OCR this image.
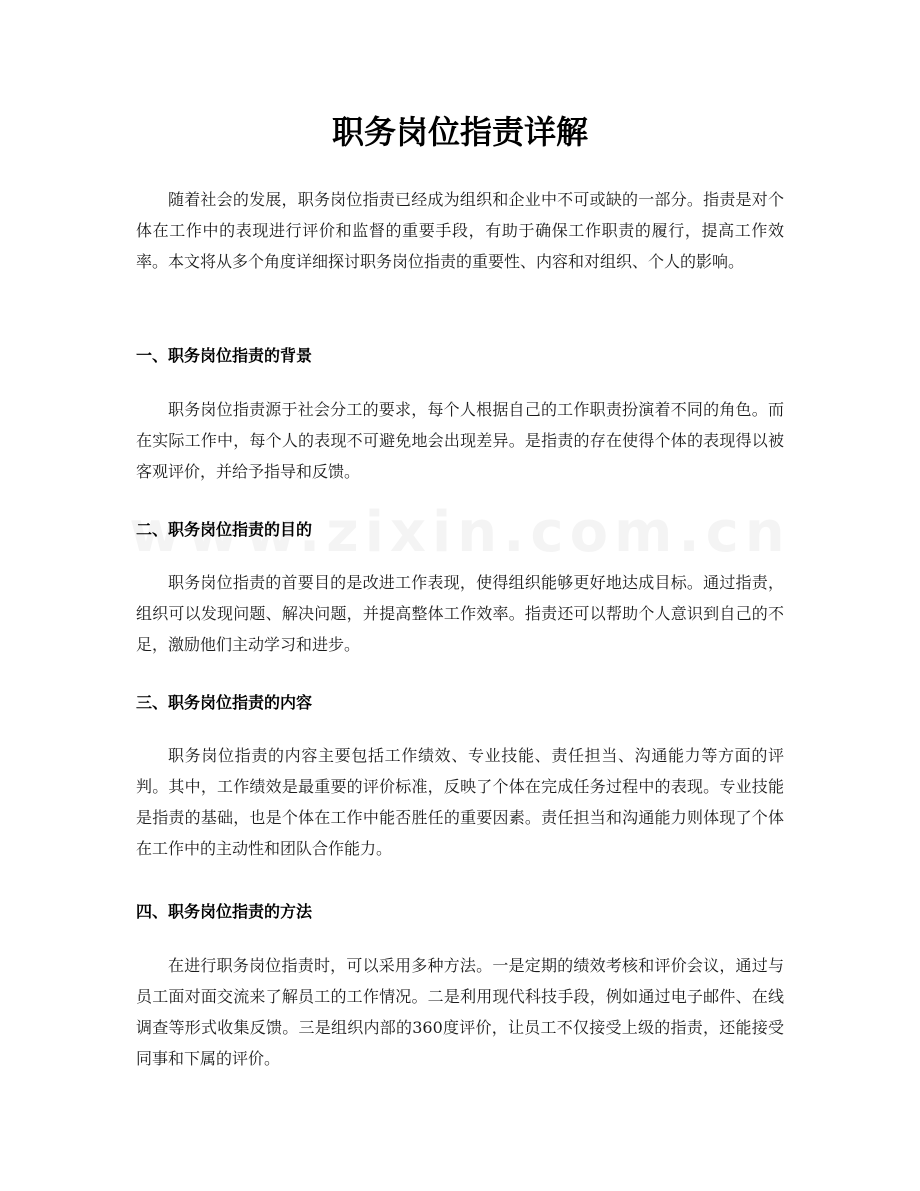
职务岗位指责详解

随着社会的发展，职务岗位指责已经成为组织和企业中不可或缺的一部分。指责是对个体在工作中的表现进行评价和监督的重要手段，有助于确保工作职责的履行，提高工作效率。本文将从多个角度详细探讨职务岗位指责的重要性、内容和对组织、个人的影响。

一、职务岗位指责的背景

职务岗位指责源于社会分工的要求，每个人根据自己的工作职责扮演着不同的角色。而在实际工作中，每个人的表现不可避免地会出现差异。是指责的存在使得个体的表现得以被客观评价，并给予指导和反馈。

二、职务岗位指责的目的

职务岗位指责的首要目的是改进工作表现，使得组织能够更好地达成目标。通过指责，组织可以发现问题、解决问题，并提高整体工作效率。指责还可以帮助个人意识到自己的不足，激励他们主动学习和进步。

三、职务岗位指责的内容

职务岗位指责的内容主要包括工作绩效、专业技能、责任担当、沟通能力等方面的评判。其中，工作绩效是最重要的评价标准，反映了个体在完成任务过程中的表现。专业技能是指责的基础，也是个体在工作中能否胜任的重要因素。责任担当和沟通能力则体现了个体在工作中的主动性和团队合作能力。

四、职务岗位指责的方法

在进行职务岗位指责时，可以采用多种方法。一是定期的绩效考核和评价会议，通过与员工面对面交流来了解员工的工作情况。二是利用现代科技手段，例如通过电子邮件、在线调查等形式收集反馈。三是组织内部的360度评价，让员工不仅接受上级的指责，还能接受同事和下属的评价。
